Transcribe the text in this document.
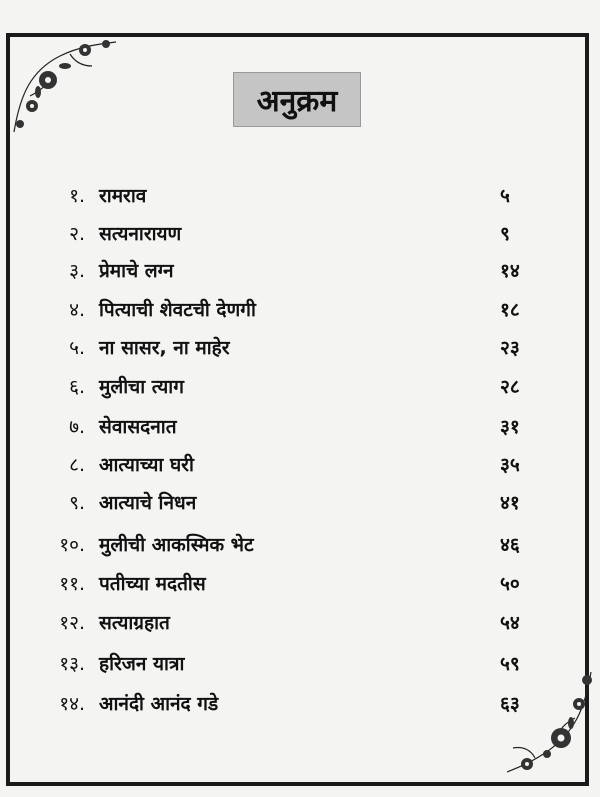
अनुक्रम
१. रामराव	५
२. सत्यनारायण	९
३. प्रेमाचे लग्न	१४
४. पित्याची शेवटची देणगी	१८
५. ना सासर, ना माहेर	२३
६. मुलीचा त्याग	२८
७. सेवासदनात	३१
८. आत्याच्या घरी	३५
९. आत्याचे निधन	४१
१०. मुलीची आकस्मिक भेट	४६
११. पतीच्या मदतीस	५०
१२. सत्याग्रहात	५४
१३. हरिजन यात्रा	५९
१४. आनंदी आनंद गडे	६३
